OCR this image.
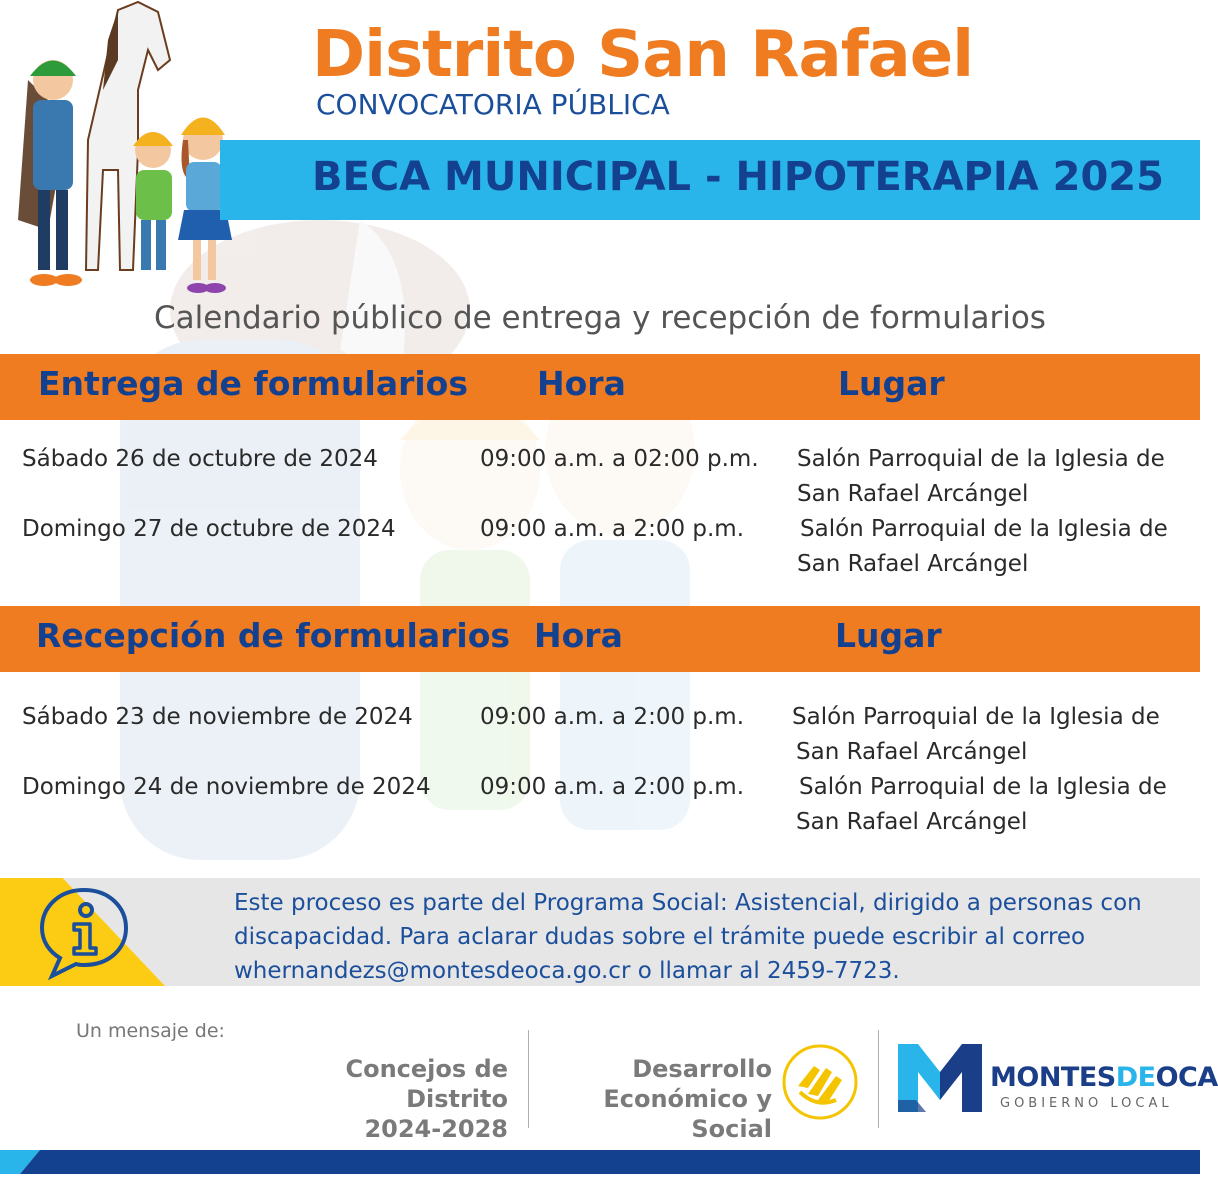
Distrito San Rafael
CONVOCATORIA PÚBLICA
BECA MUNICIPAL - HIPOTERAPIA 2025
Calendario público de entrega y recepción de formularios
Entrega de formularios Hora	Lugar
Sábado 26 de octubre de 2024	09:00 a.m. a 02:00 p.m. Salón Parroquial de la Iglesia de
San Rafael Arcángel
Domingo 27 de octubre de 2024	09:00 a.m. a 2:00 p.m. Salón Parroquial de la Iglesia de
San Rafael Arcángel
Recepción de formularios Hora	Lugar
Sábado 23 de noviembre de 2024	09:00 a.m. a 2:00 p.m. Salón Parroquial de la Iglesia de
San Rafael Arcángel
Domingo 24 de noviembre de 2024 09:00 a.m. a 2:00 p.m. Salón Parroquial de la Iglesia de
San Rafael Arcángel
Este proceso es parte del Programa Social: Asistencial, dirigido a personas con discapacidad. Para aclarar dudas sobre el trámite puede escribir al correo whernandezs@montesdeoca.go.cr o llamar al 2459-7723.
Un mensaje de:
Concejos de Distrito
2024-2028
Desarrollo
Económico y Social
MONTESDEOCA
GOBIERNO LOCAL
